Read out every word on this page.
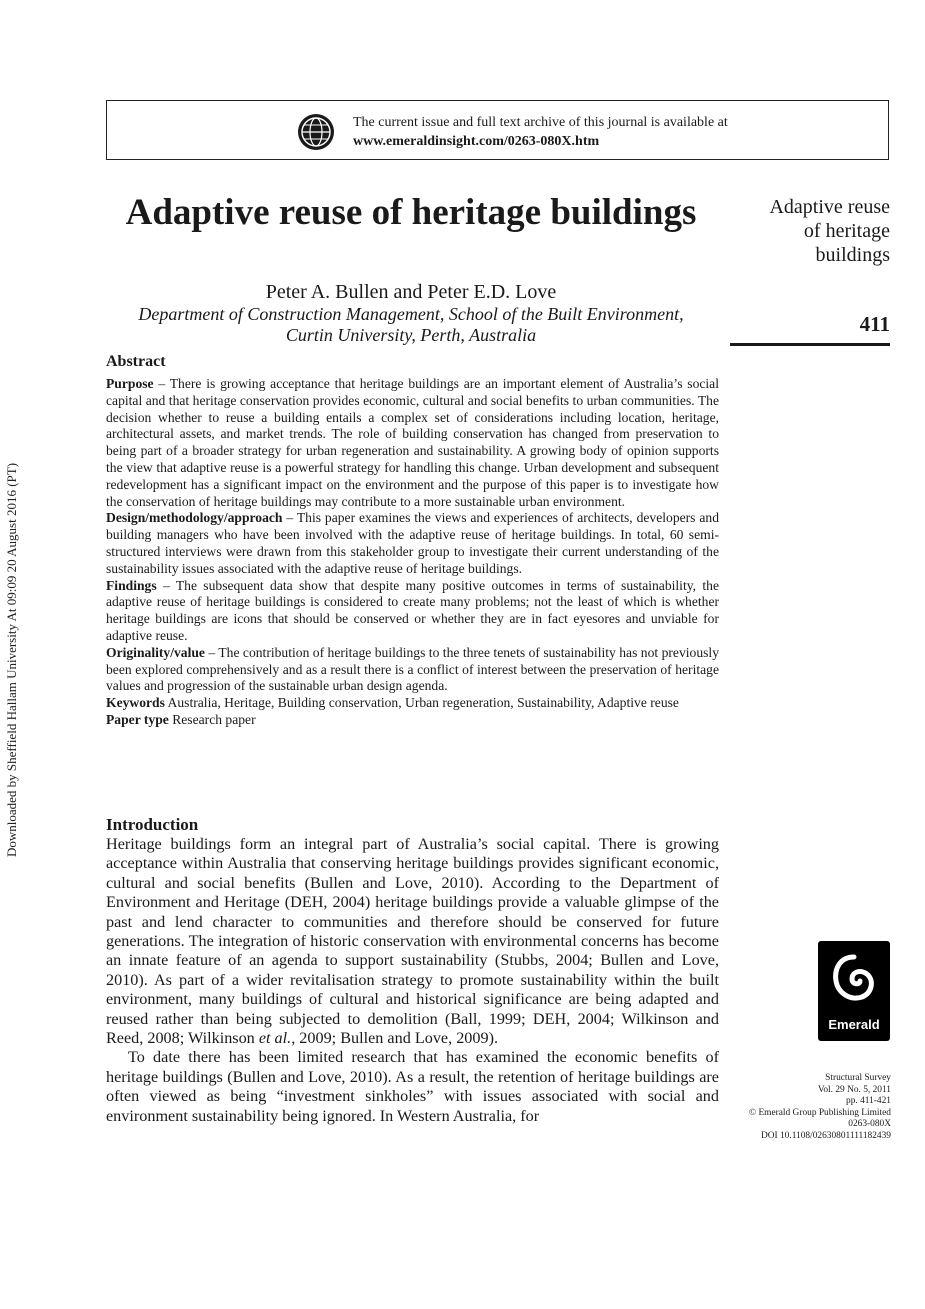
Downloaded by Sheffield Hallam University At 09:09 20 August 2016 (PT)
The current issue and full text archive of this journal is available at
www.emeraldinsight.com/0263-080X.htm
Adaptive reuse of heritage buildings
Peter A. Bullen and Peter E.D. Love
Department of Construction Management, School of the Built Environment,
Curtin University, Perth, Australia
Adaptive reuse
of heritage
buildings
411
Abstract

Purpose – There is growing acceptance that heritage buildings are an important element of Australia’s social capital and that heritage conservation provides economic, cultural and social benefits to urban communities. The decision whether to reuse a building entails a complex set of considerations including location, heritage, architectural assets, and market trends. The role of building conservation has changed from preservation to being part of a broader strategy for urban regeneration and sustainability. A growing body of opinion supports the view that adaptive reuse is a powerful strategy for handling this change. Urban development and subsequent redevelopment has a significant impact on the environment and the purpose of this paper is to investigate how the conservation of heritage buildings may contribute to a more sustainable urban environment.

Design/methodology/approach – This paper examines the views and experiences of architects, developers and building managers who have been involved with the adaptive reuse of heritage buildings. In total, 60 semi-structured interviews were drawn from this stakeholder group to investigate their current understanding of the sustainability issues associated with the adaptive reuse of heritage buildings.

Findings – The subsequent data show that despite many positive outcomes in terms of sustainability, the adaptive reuse of heritage buildings is considered to create many problems; not the least of which is whether heritage buildings are icons that should be conserved or whether they are in fact eyesores and unviable for adaptive reuse.

Originality/value – The contribution of heritage buildings to the three tenets of sustainability has not previously been explored comprehensively and as a result there is a conflict of interest between the preservation of heritage values and progression of the sustainable urban design agenda.

Keywords Australia, Heritage, Building conservation, Urban regeneration, Sustainability, Adaptive reuse

Paper type Research paper

Introduction

Heritage buildings form an integral part of Australia’s social capital. There is growing acceptance within Australia that conserving heritage buildings provides significant economic, cultural and social benefits (Bullen and Love, 2010). According to the Department of Environment and Heritage (DEH, 2004) heritage buildings provide a valuable glimpse of the past and lend character to communities and therefore should be conserved for future generations. The integration of historic conservation with environmental concerns has become an innate feature of an agenda to support sustainability (Stubbs, 2004; Bullen and Love, 2010). As part of a wider revitalisation strategy to promote sustainability within the built environment, many buildings of cultural and historical significance are being adapted and reused rather than being subjected to demolition (Ball, 1999; DEH, 2004; Wilkinson and Reed, 2008; Wilkinson et al., 2009; Bullen and Love, 2009).

To date there has been limited research that has examined the economic benefits of heritage buildings (Bullen and Love, 2010). As a result, the retention of heritage buildings are often viewed as being “investment sinkholes” with issues associated with social and environment sustainability being ignored. In Western Australia, for

Emerald
Structural Survey
Vol. 29 No. 5, 2011
pp. 411-421
© Emerald Group Publishing Limited
0263-080X
DOI 10.1108/02630801111182439
